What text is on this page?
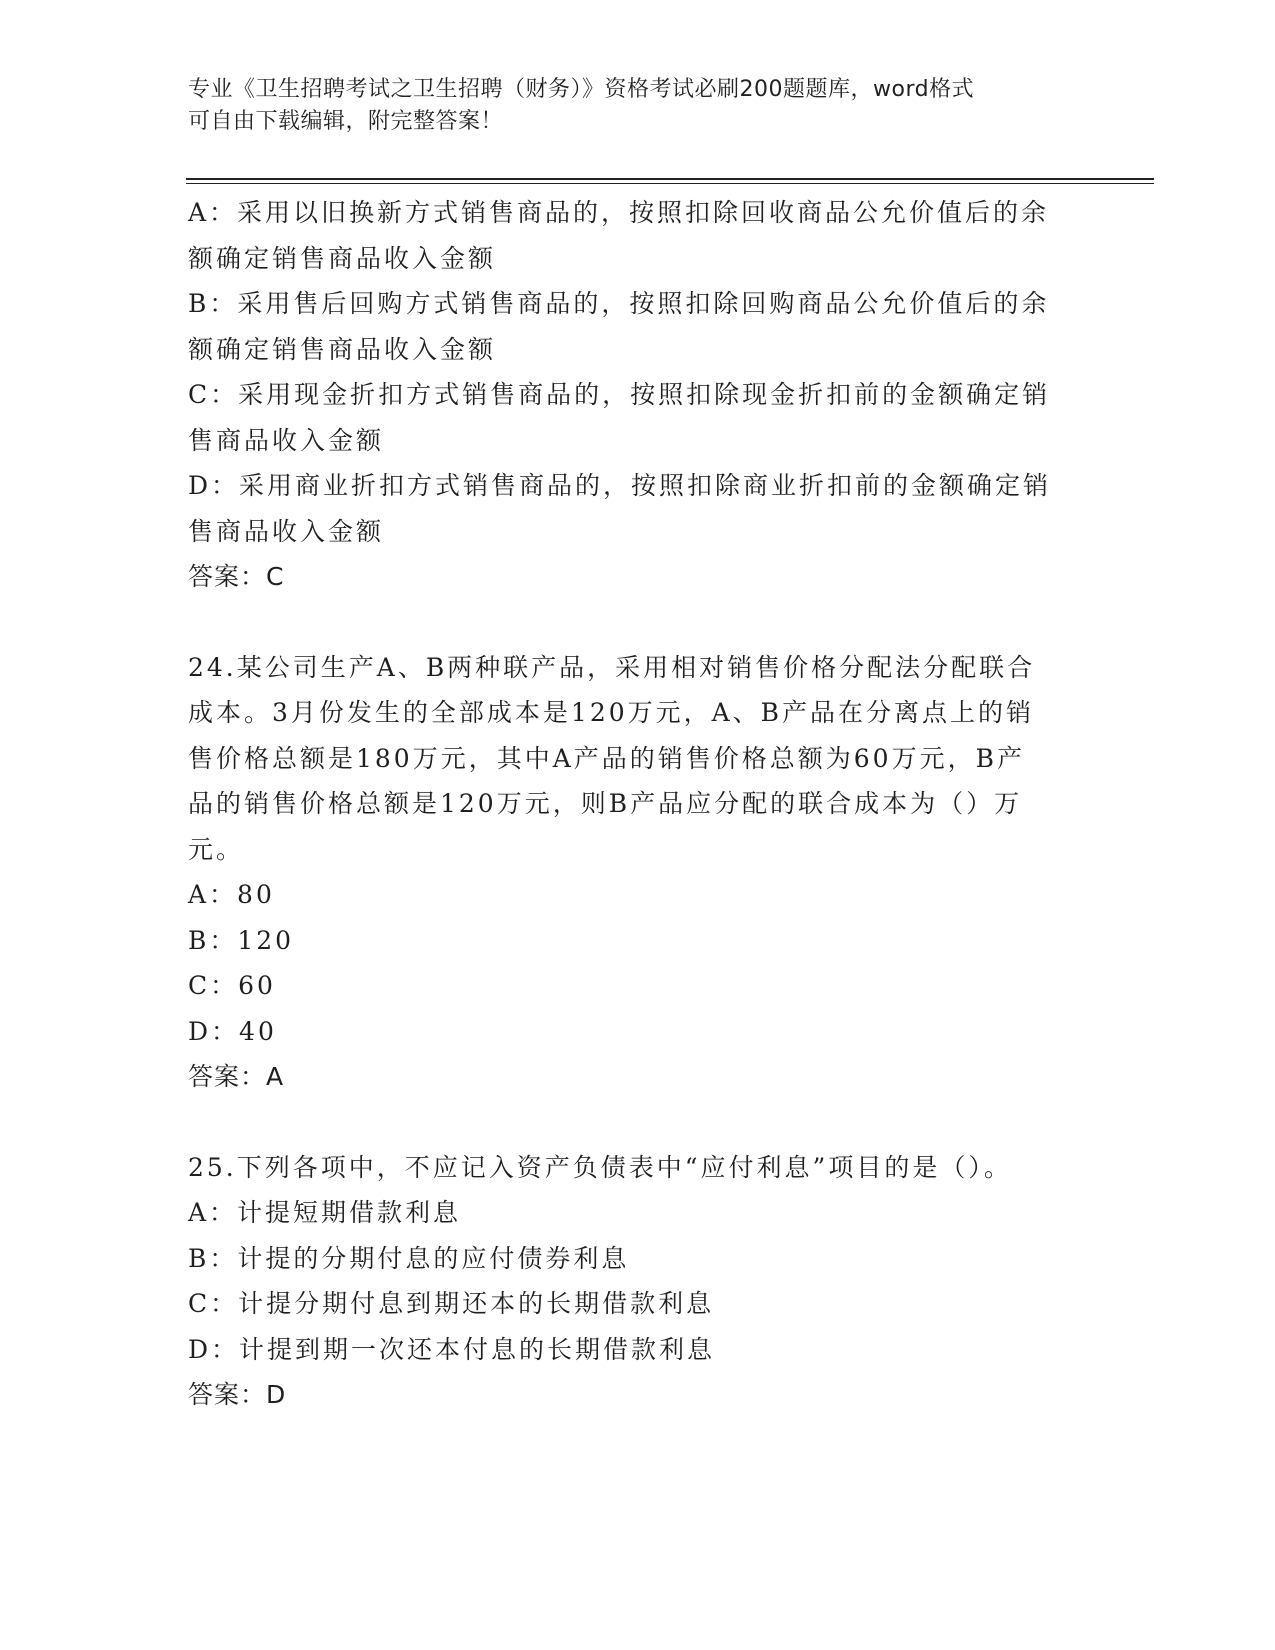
专业《卫生招聘考试之卫生招聘（财务）》资格考试必刷200题题库，word格式
可自由下载编辑，附完整答案！
A：采用以旧换新方式销售商品的，按照扣除回收商品公允价值后的余
额确定销售商品收入金额
B：采用售后回购方式销售商品的，按照扣除回购商品公允价值后的余
额确定销售商品收入金额
C：采用现金折扣方式销售商品的，按照扣除现金折扣前的金额确定销
售商品收入金额
D：采用商业折扣方式销售商品的，按照扣除商业折扣前的金额确定销
售商品收入金额
答案：C
24.某公司生产A、B两种联产品，采用相对销售价格分配法分配联合
成本。3月份发生的全部成本是120万元，A、B产品在分离点上的销
售价格总额是180万元，其中A产品的销售价格总额为60万元，B产
品的销售价格总额是120万元，则B产品应分配的联合成本为（）万
元。
A：80
B：120
C：60
D：40
答案：A
25.下列各项中，不应记入资产负债表中“应付利息”项目的是（）。
A：计提短期借款利息
B：计提的分期付息的应付债券利息
C：计提分期付息到期还本的长期借款利息
D：计提到期一次还本付息的长期借款利息
答案：D
